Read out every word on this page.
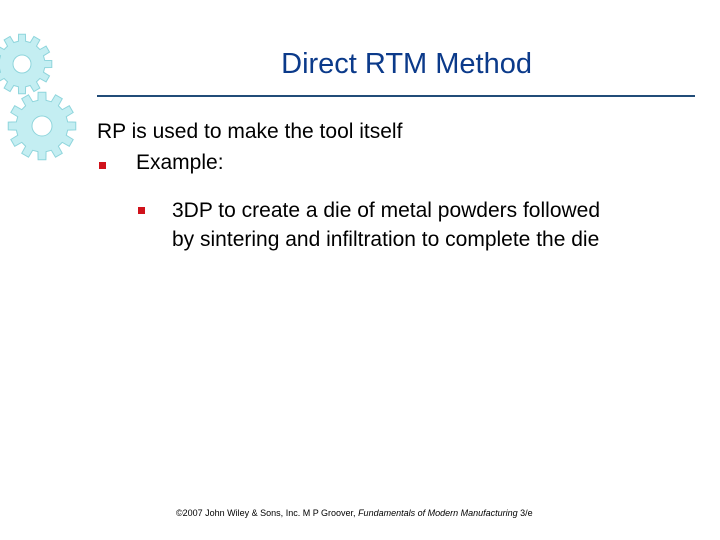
Direct RTM Method
RP is used to make the tool itself
Example:
3DP to create a die of metal powders followed
by sintering and infiltration to complete the die
©2007 John Wiley & Sons, Inc. M P Groover, Fundamentals of Modern Manufacturing 3/e
